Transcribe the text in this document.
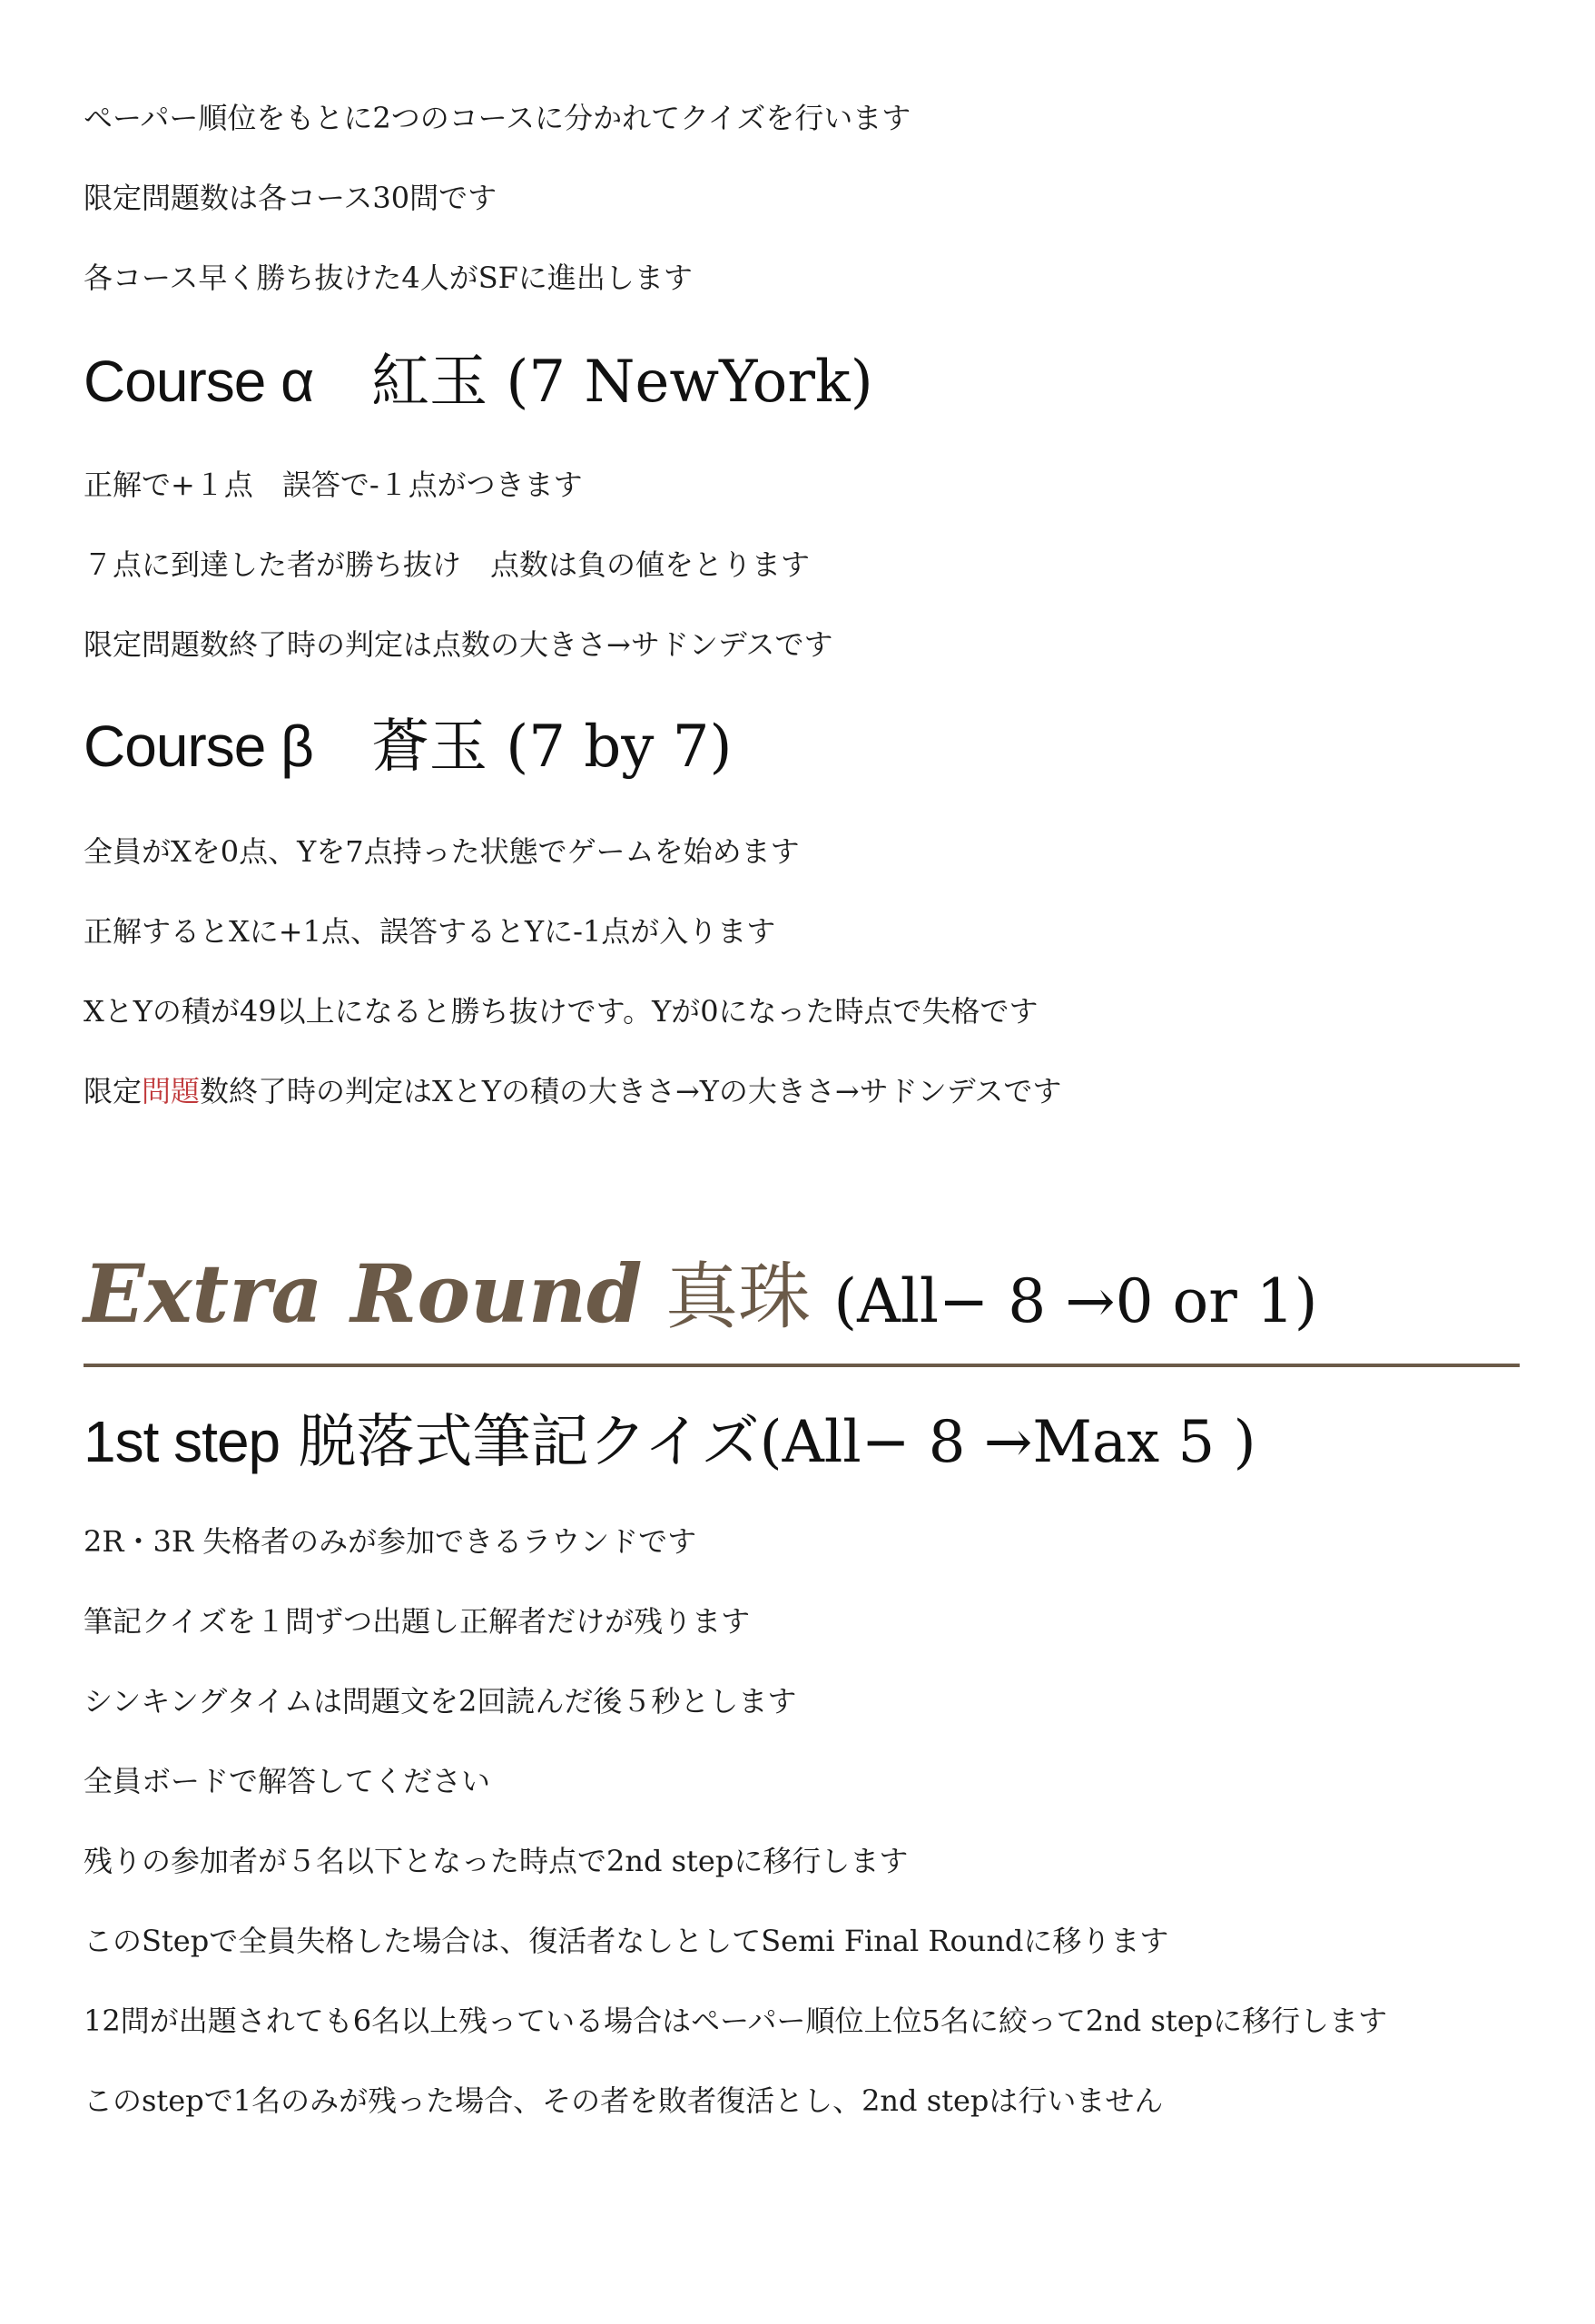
ペーパー順位をもとに2つのコースに分かれてクイズを行います
限定問題数は各コース30問です
各コース早く勝ち抜けた4人がSFに進出します
Course α　紅玉 (7 NewYork)
正解で+１点　誤答で-１点がつきます
７点に到達した者が勝ち抜け　点数は負の値をとります
限定問題数終了時の判定は点数の大きさ→サドンデスです
Course β　蒼玉 (7 by 7)
全員がXを0点、Yを7点持った状態でゲームを始めます
正解するとXに+1点、誤答するとYに-1点が入ります
XとYの積が49以上になると勝ち抜けです。Yが0になった時点で失格です
限定問題数終了時の判定はXとYの積の大きさ→Yの大きさ→サドンデスです
Extra Round 真珠 (All− 8 →0 or 1)
1st step 脱落式筆記クイズ(All− 8 →Max 5 )
2R・3R 失格者のみが参加できるラウンドです
筆記クイズを１問ずつ出題し正解者だけが残ります
シンキングタイムは問題文を2回読んだ後５秒とします
全員ボードで解答してください
残りの参加者が５名以下となった時点で2nd stepに移行します
このStepで全員失格した場合は、復活者なしとしてSemi Final Roundに移ります
12問が出題されても6名以上残っている場合はペーパー順位上位5名に絞って2nd stepに移行します
このstepで1名のみが残った場合、その者を敗者復活とし、2nd stepは行いません
